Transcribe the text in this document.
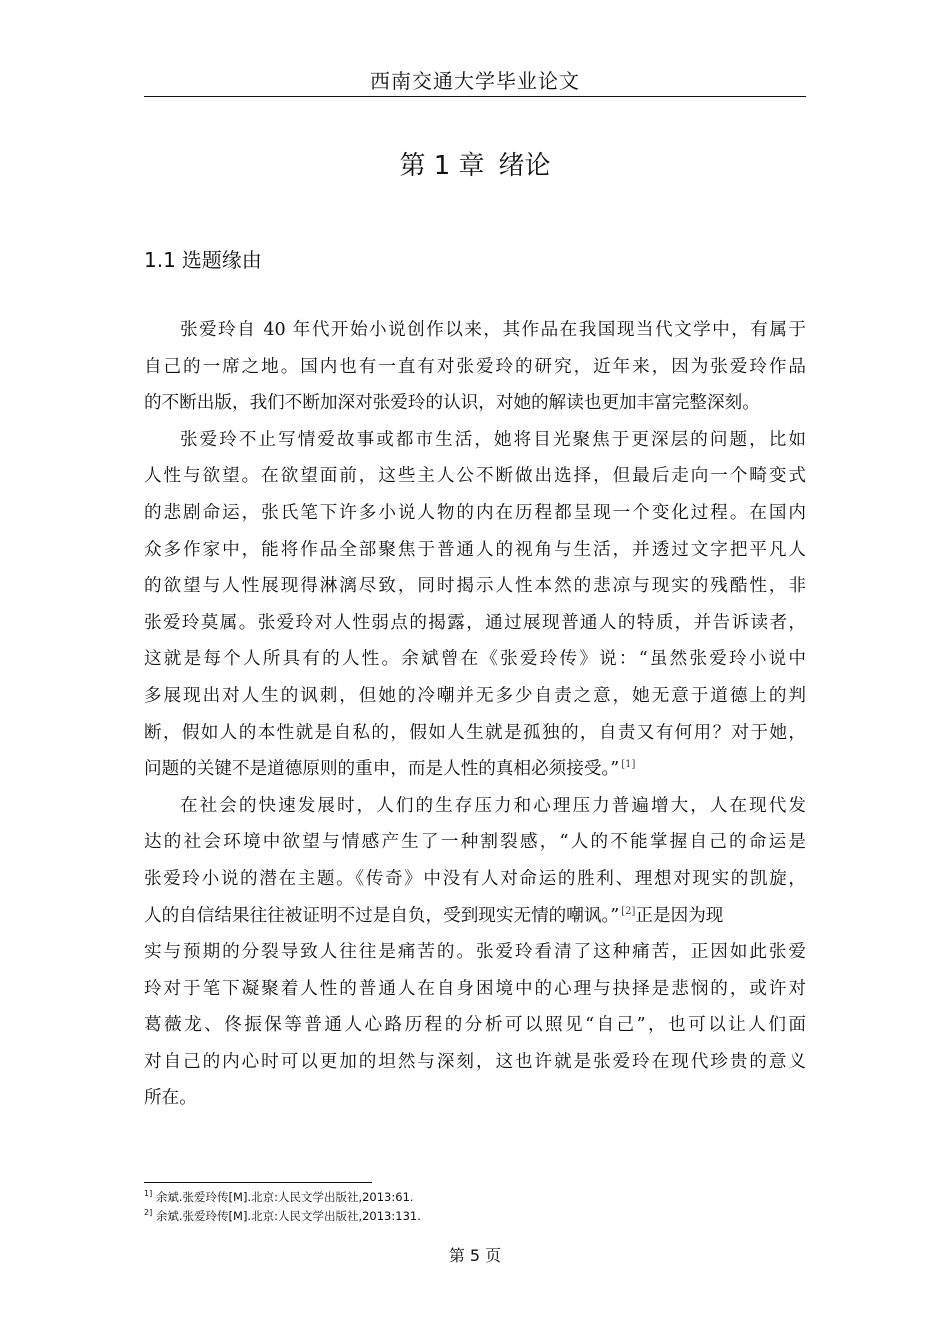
西南交通大学毕业论文
第 1 章 绪论
1.1 选题缘由
张爱玲自 40 年代开始小说创作以来，其作品在我国现当代文学中，有属于
自己的一席之地。国内也有一直有对张爱玲的研究，近年来，因为张爱玲作品
的不断出版，我们不断加深对张爱玲的认识，对她的解读也更加丰富完整深刻。
张爱玲不止写情爱故事或都市生活，她将目光聚焦于更深层的问题，比如
人性与欲望。在欲望面前，这些主人公不断做出选择，但最后走向一个畸变式
的悲剧命运，张氏笔下许多小说人物的内在历程都呈现一个变化过程。在国内
众多作家中，能将作品全部聚焦于普通人的视角与生活，并透过文字把平凡人
的欲望与人性展现得淋漓尽致，同时揭示人性本然的悲凉与现实的残酷性，非
张爱玲莫属。张爱玲对人性弱点的揭露，通过展现普通人的特质，并告诉读者，
这就是每个人所具有的人性。余斌曾在《张爱玲传》说：“虽然张爱玲小说中
多展现出对人生的讽刺，但她的冷嘲并无多少自责之意，她无意于道德上的判
断，假如人的本性就是自私的，假如人生就是孤独的，自责又有何用？对于她，
问题的关键不是道德原则的重申，而是人性的真相必须接受。” [1]
在社会的快速发展时，人们的生存压力和心理压力普遍增大，人在现代发
达的社会环境中欲望与情感产生了一种割裂感，“人的不能掌握自己的命运是
张爱玲小说的潜在主题。《传奇》中没有人对命运的胜利、理想对现实的凯旋，
人的自信结果往往被证明不过是自负，受到现实无情的嘲讽。” [2]正是因为现
实与预期的分裂导致人往往是痛苦的。张爱玲看清了这种痛苦，正因如此张爱
玲对于笔下凝聚着人性的普通人在自身困境中的心理与抉择是悲悯的，或许对
葛薇龙、佟振保等普通人心路历程的分析可以照见“自己”，也可以让人们面
对自己的内心时可以更加的坦然与深刻，这也许就是张爱玲在现代珍贵的意义
所在。
$^{1]}$ 余斌.张爱玲传[M].北京:人民文学出版社,2013:61.
$^{2]}$ 余斌.张爱玲传[M].北京:人民文学出版社,2013:131.
第 5 页
